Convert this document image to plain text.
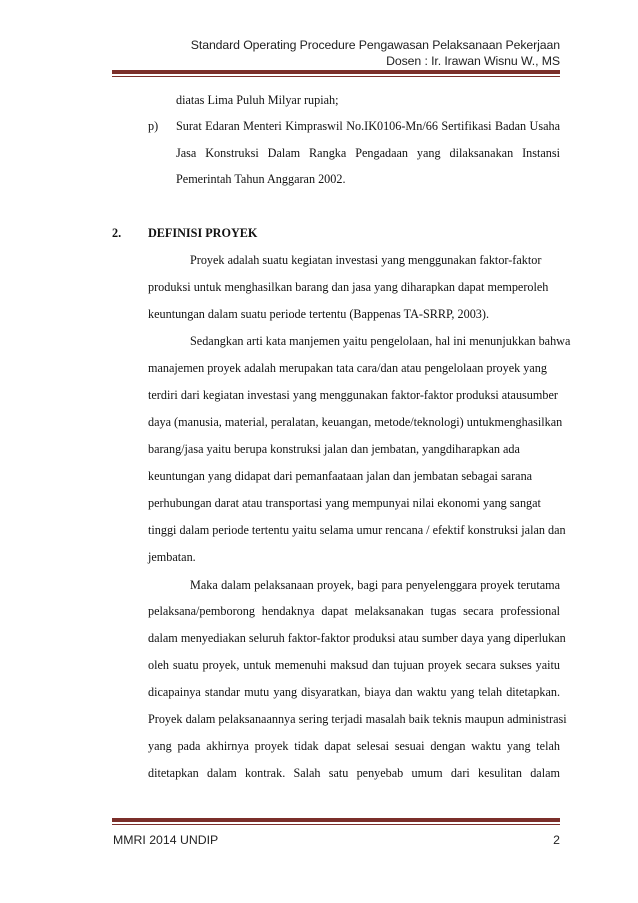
Standard Operating Procedure Pengawasan Pelaksanaan Pekerjaan
Dosen : Ir. Irawan Wisnu W., MS
diatas Lima Puluh Milyar rupiah;
p) Surat Edaran Menteri Kimpraswil No.IK0106-Mn/66 Sertifikasi Badan Usaha
Jasa Konstruksi Dalam Rangka Pengadaan yang dilaksanakan Instansi
Pemerintah Tahun Anggaran 2002.
2. DEFINISI PROYEK
Proyek adalah suatu kegiatan investasi yang menggunakan faktor-faktor
produksi untuk menghasilkan barang dan jasa yang diharapkan dapat memperoleh
keuntungan dalam suatu periode tertentu (Bappenas TA-SRRP, 2003).
Sedangkan arti kata manjemen yaitu pengelolaan, hal ini menunjukkan bahwa
manajemen proyek adalah merupakan tata cara/dan atau pengelolaan proyek yang
terdiri dari kegiatan investasi yang menggunakan faktor-faktor produksi atausumber
daya (manusia, material, peralatan, keuangan, metode/teknologi) untukmenghasilkan
barang/jasa yaitu berupa konstruksi jalan dan jembatan, yangdiharapkan ada
keuntungan yang didapat dari pemanfaataan jalan dan jembatan sebagai sarana
perhubungan darat atau transportasi yang mempunyai nilai ekonomi yang sangat
tinggi dalam periode tertentu yaitu selama umur rencana / efektif konstruksi jalan dan
jembatan.
Maka dalam pelaksanaan proyek, bagi para penyelenggara proyek terutama
pelaksana/pemborong hendaknya dapat melaksanakan tugas secara professional
dalam menyediakan seluruh faktor-faktor produksi atau sumber daya yang diperlukan
oleh suatu proyek, untuk memenuhi maksud dan tujuan proyek secara sukses yaitu
dicapainya standar mutu yang disyaratkan, biaya dan waktu yang telah ditetapkan.
Proyek dalam pelaksanaannya sering terjadi masalah baik teknis maupun administrasi
yang pada akhirnya proyek tidak dapat selesai sesuai dengan waktu yang telah
ditetapkan dalam kontrak. Salah satu penyebab umum dari kesulitan dalam
MMRI 2014 UNDIP	2
